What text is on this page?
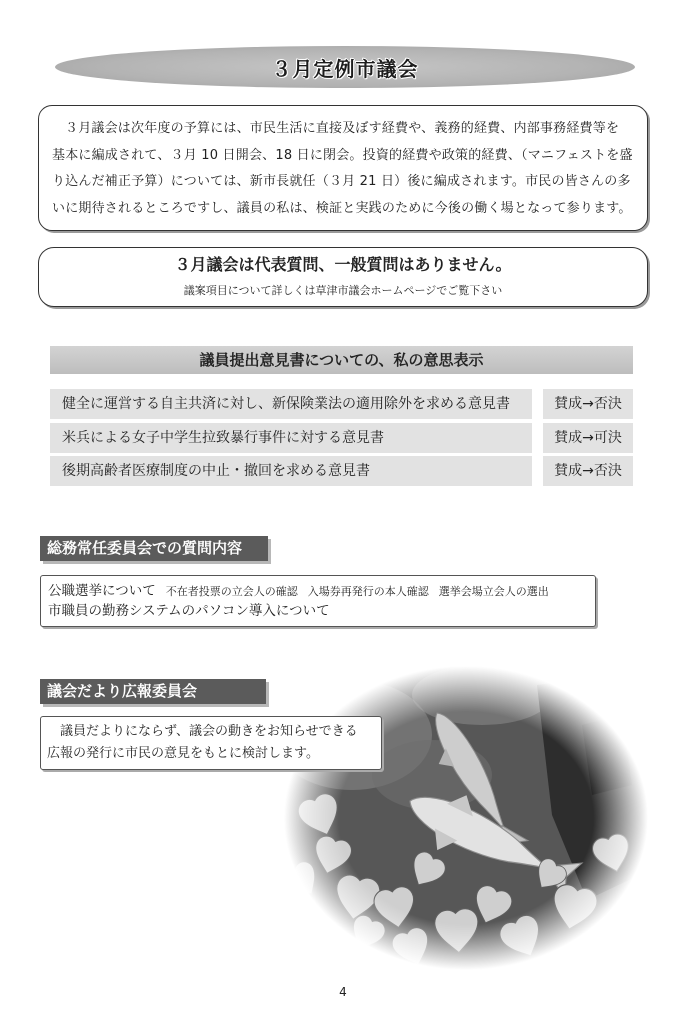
３月定例市議会
３月議会は次年度の予算には、市民生活に直接及ぼす経費や、義務的経費、内部事務経費等を
基本に編成されて、３月 10 日開会、18 日に閉会。投資的経費や政策的経費、（マニフェストを盛
り込んだ補正予算）については、新市長就任（３月 21 日）後に編成されます。市民の皆さんの多
いに期待されるところですし、議員の私は、検証と実践のために今後の働く場となって参ります。
３月議会は代表質問、一般質問はありません。
議案項目について詳しくは草津市議会ホームページでご覧下さい
議員提出意見書についての、私の意思表示
健全に運営する自主共済に対し、新保険業法の適用除外を求める意見書	賛成→否決
米兵による女子中学生拉致暴行事件に対する意見書	賛成→可決
後期高齢者医療制度の中止・撤回を求める意見書	賛成→否決
総務常任委員会での質問内容
公職選挙について 不在者投票の立会人の確認 入場券再発行の本人確認 選挙会場立会人の選出
市職員の勤務システムのパソコン導入について
議会だより広報委員会
議員だよりにならず、議会の動きをお知らせできる
広報の発行に市民の意見をもとに検討します。
4
